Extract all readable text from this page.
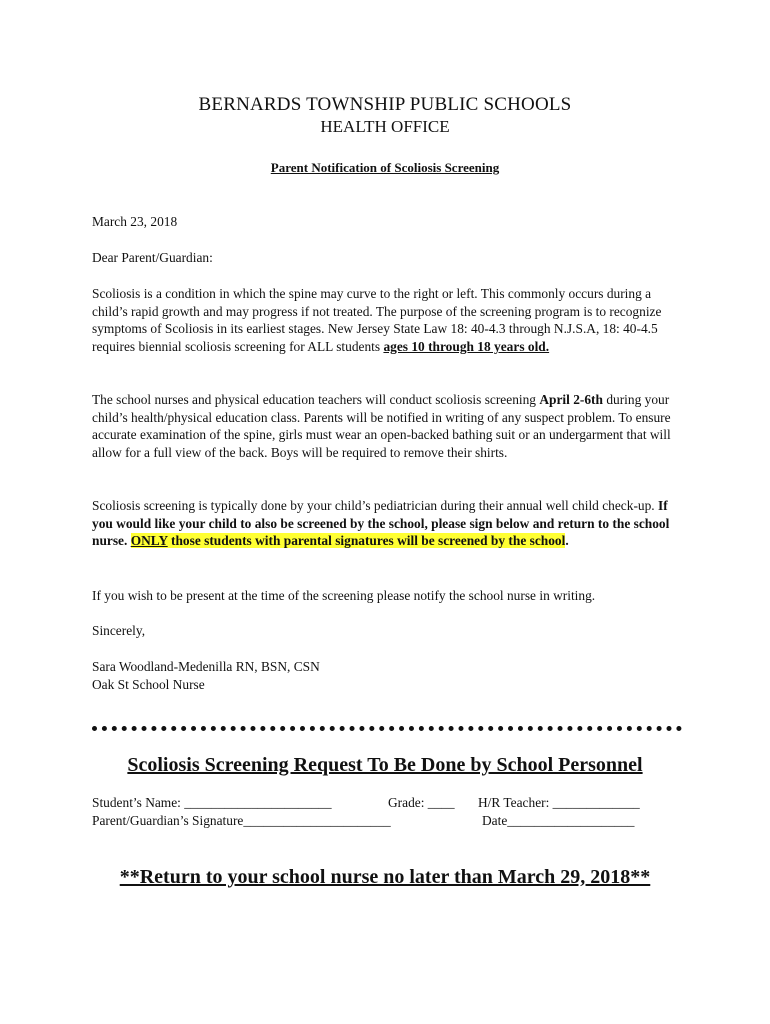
BERNARDS TOWNSHIP PUBLIC SCHOOLS
HEALTH OFFICE
Parent Notification of Scoliosis Screening
March 23, 2018
Dear Parent/Guardian:
Scoliosis is a condition in which the spine may curve to the right or left. This commonly occurs during a child’s rapid growth and may progress if not treated. The purpose of the screening program is to recognize symptoms of Scoliosis in its earliest stages. New Jersey State Law 18: 40-4.3 through N.J.S.A, 18: 40-4.5 requires biennial scoliosis screening for ALL students ages 10 through 18 years old.
The school nurses and physical education teachers will conduct scoliosis screening April 2-6th during your child’s health/physical education class. Parents will be notified in writing of any suspect problem. To ensure accurate examination of the spine, girls must wear an open-backed bathing suit or an undergarment that will allow for a full view of the back. Boys will be required to remove their shirts.
Scoliosis screening is typically done by your child’s pediatrician during their annual well child check-up. If you would like your child to also be screened by the school, please sign below and return to the school nurse. ONLY those students with parental signatures will be screened by the school.
If you wish to be present at the time of the screening please notify the school nurse in writing.
Sincerely,
Sara Woodland-Medenilla RN, BSN, CSN
Oak St School Nurse
Scoliosis Screening Request To Be Done by School Personnel
Student’s Name: ______________________	Grade: ____ H/R Teacher: _____________
Parent/Guardian’s Signature______________________	Date___________________
**Return to your school nurse no later than March 29, 2018**
